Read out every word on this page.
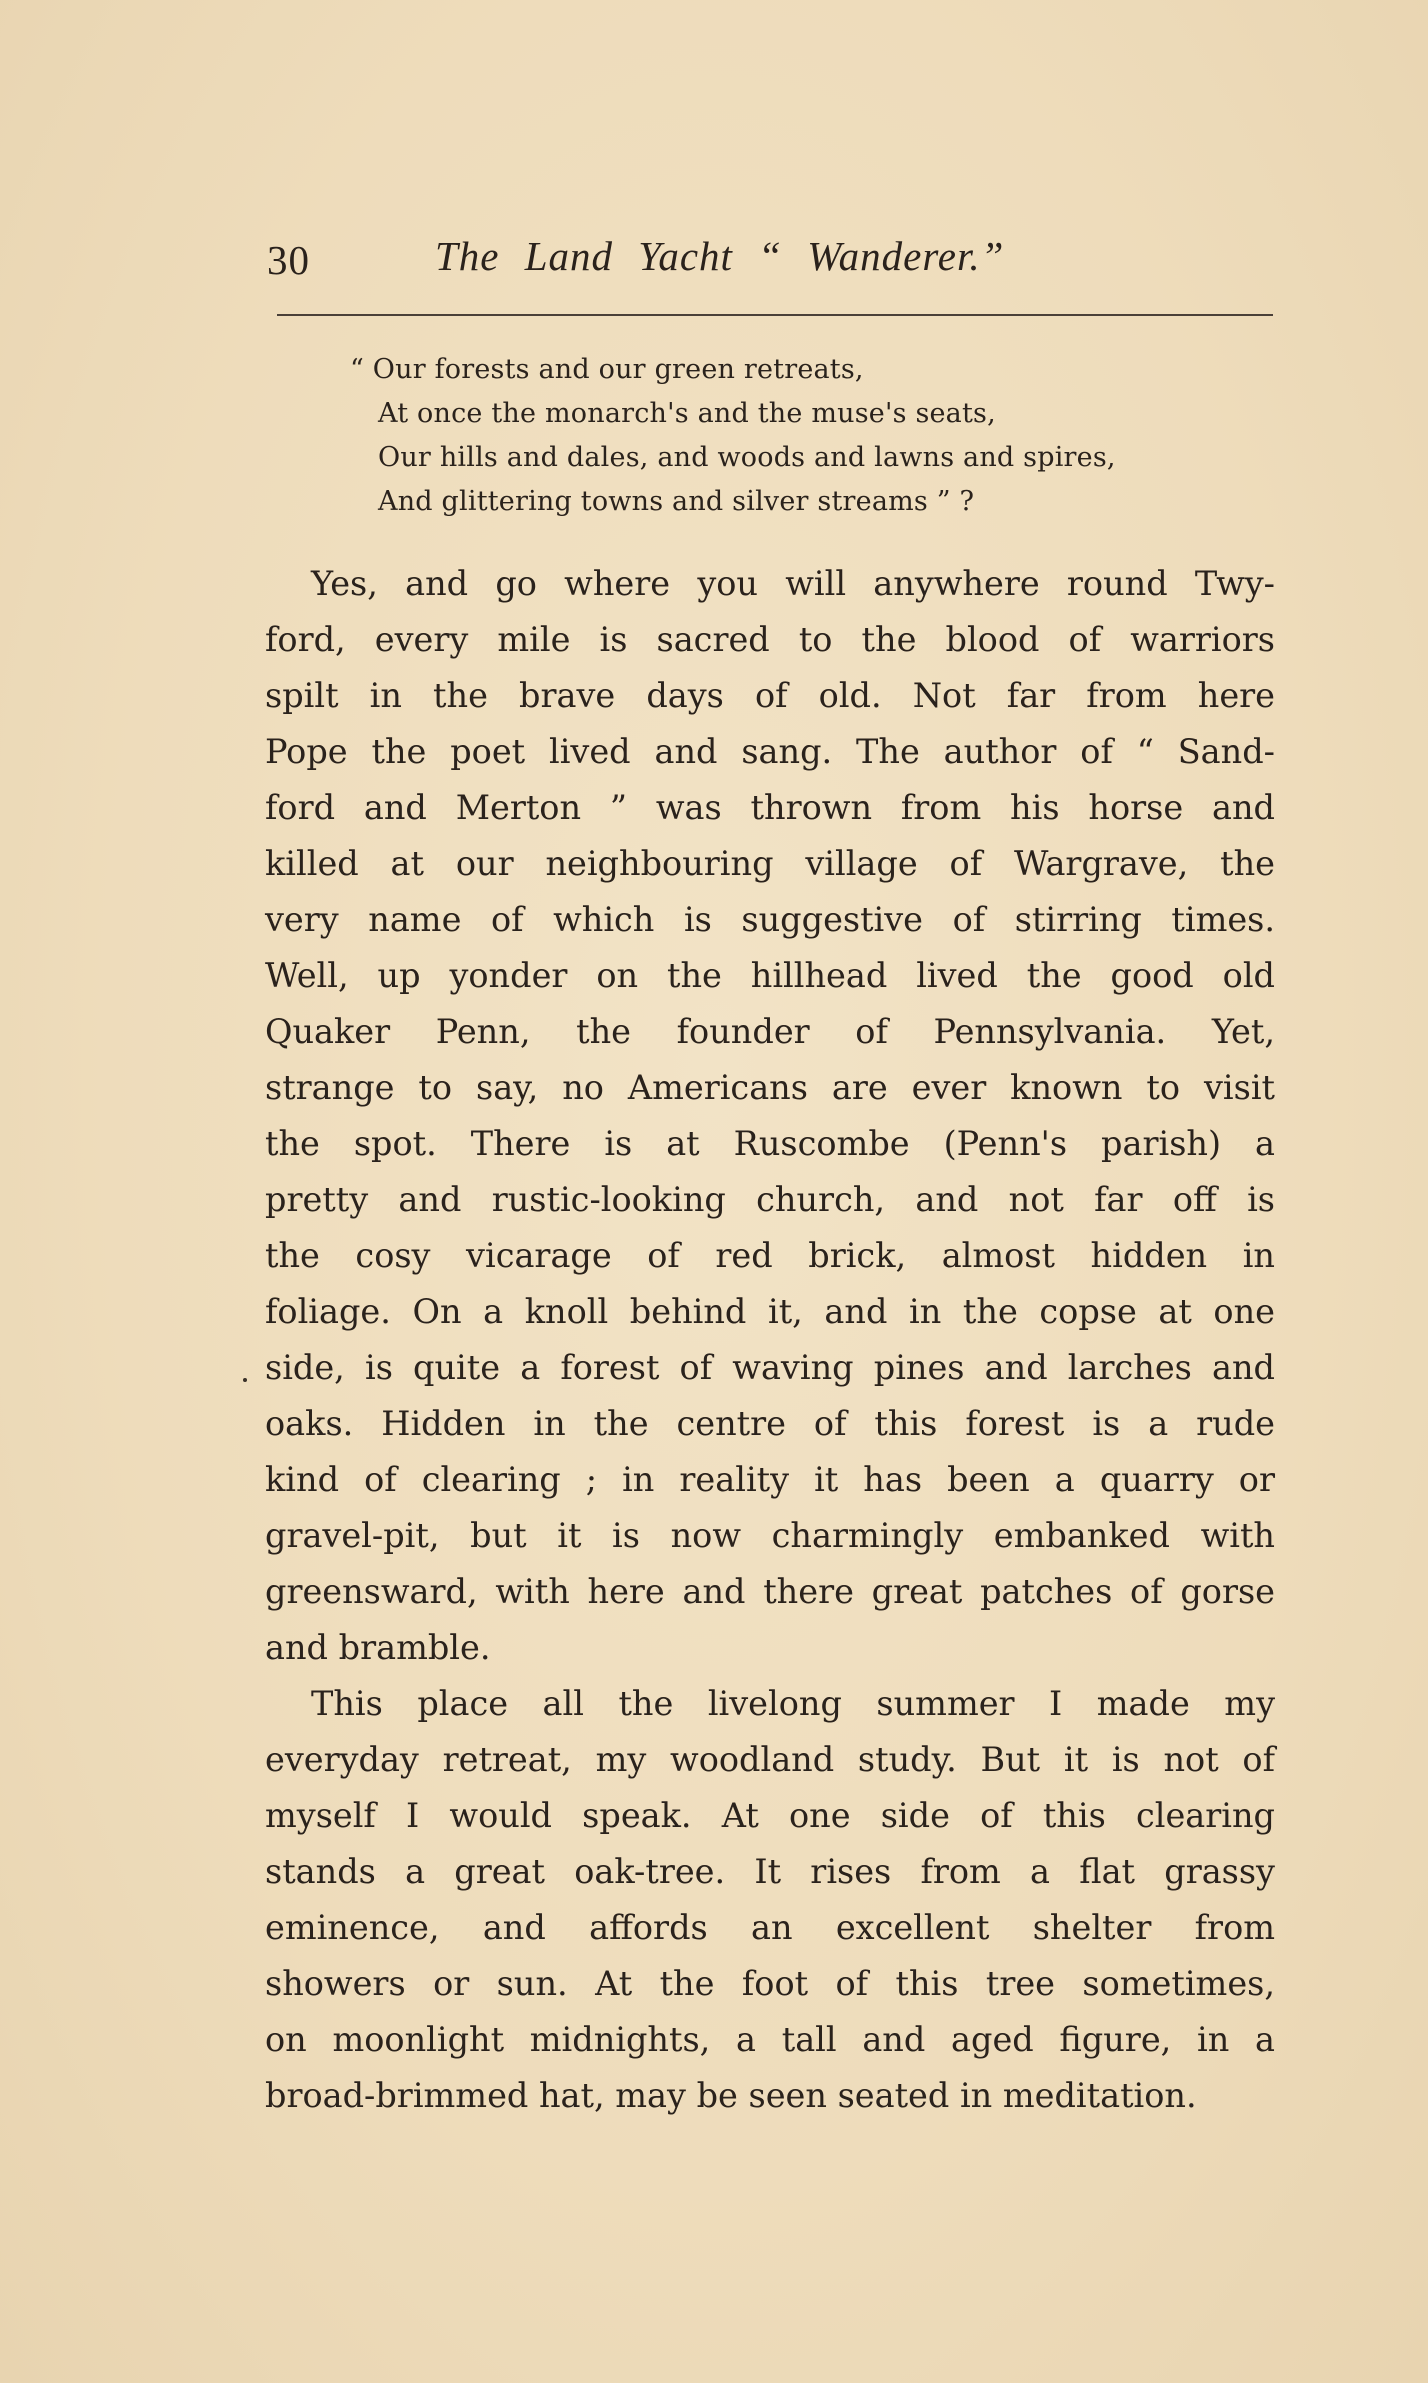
30	The Land Yacht “ Wanderer.”
“ Our forests and our green retreats,
At once the monarch's and the muse's seats,
Our hills and dales, and woods and lawns and spires,
And glittering towns and silver streams ” ?

Yes, and go where you will anywhere round Twy-

ford, every mile is sacred to the blood of warriors

spilt in the brave days of old. Not far from here

Pope the poet lived and sang. The author of “ Sand-

ford and Merton ” was thrown from his horse and

killed at our neighbouring village of Wargrave, the

very name of which is suggestive of stirring times.

Well, up yonder on the hillhead lived the good old

Quaker Penn, the founder of Pennsylvania. Yet,

strange to say, no Americans are ever known to visit

the spot. There is at Ruscombe (Penn's parish) a

pretty and rustic-looking church, and not far off is

the cosy vicarage of red brick, almost hidden in

foliage. On a knoll behind it, and in the copse at one

side, is quite a forest of waving pines and larches and

oaks. Hidden in the centre of this forest is a rude

kind of clearing ; in reality it has been a quarry or

gravel-pit, but it is now charmingly embanked with

greensward, with here and there great patches of gorse

and bramble.

This place all the livelong summer I made my

everyday retreat, my woodland study. But it is not of

myself I would speak. At one side of this clearing

stands a great oak-tree. It rises from a flat grassy

eminence, and affords an excellent shelter from

showers or sun. At the foot of this tree sometimes,

on moonlight midnights, a tall and aged figure, in a

broad-brimmed hat, may be seen seated in meditation.
